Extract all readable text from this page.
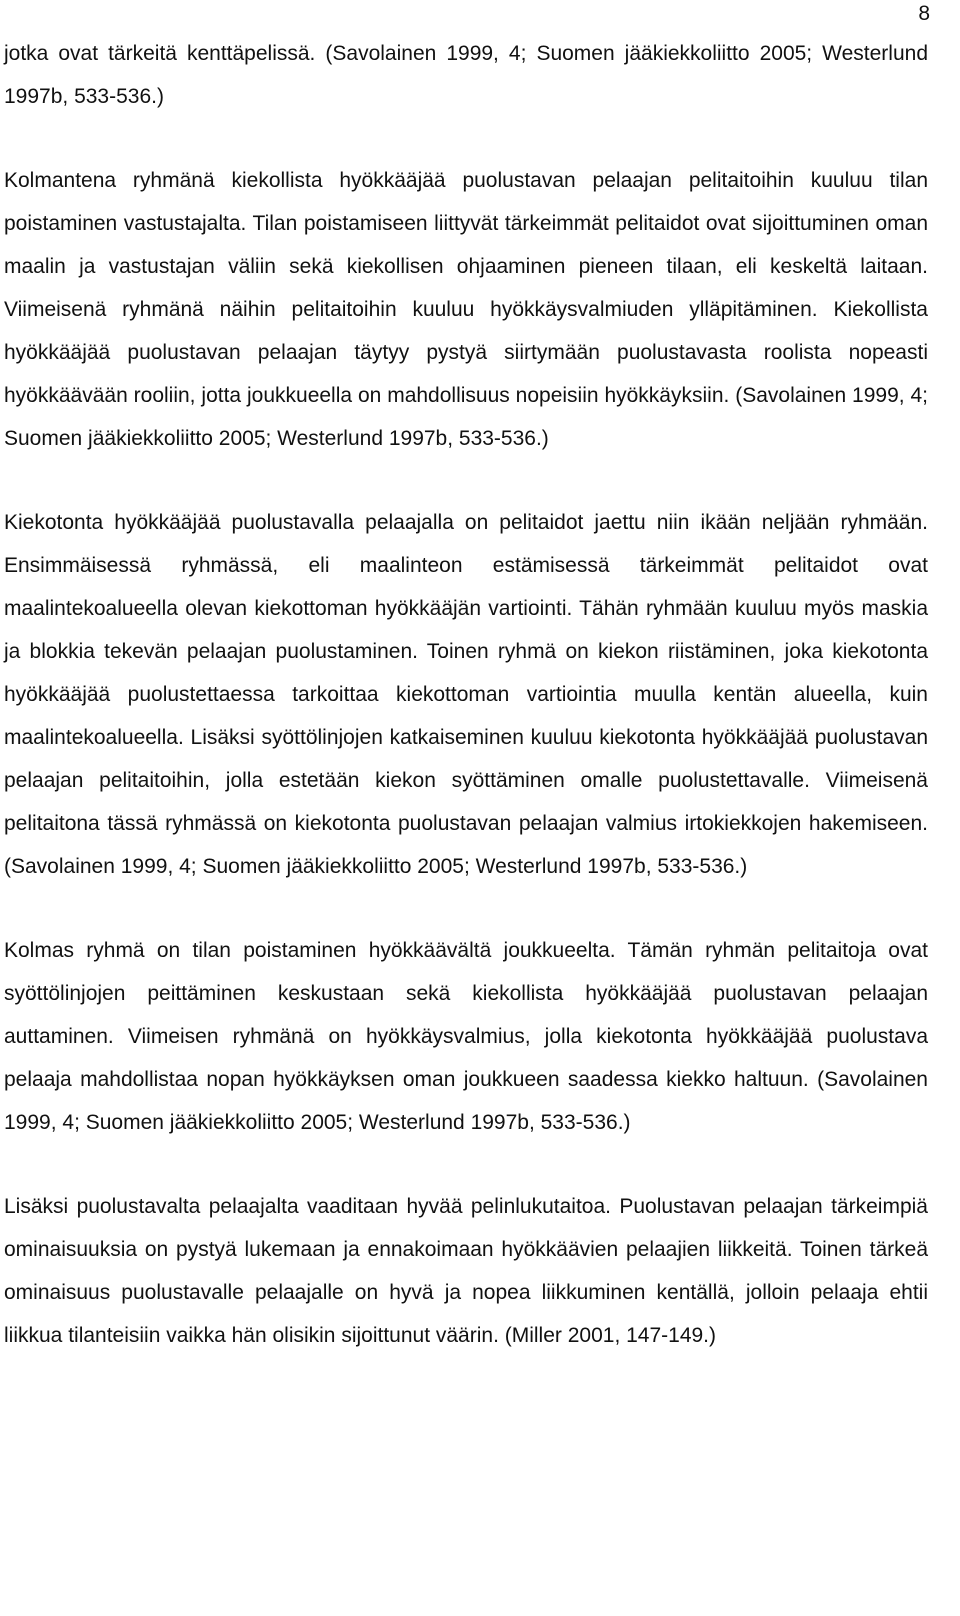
8

jotka ovat tärkeitä kenttäpelissä. (Savolainen 1999, 4; Suomen jääkiekkoliitto 2005; Westerlund 1997b, 533-536.)

Kolmantena ryhmänä kiekollista hyökkääjää puolustavan pelaajan pelitaitoihin kuuluu tilan poistaminen vastustajalta. Tilan poistamiseen liittyvät tärkeimmät pelitaidot ovat sijoittuminen oman maalin ja vastustajan väliin sekä kiekollisen ohjaaminen pieneen tilaan, eli keskeltä laitaan. Viimeisenä ryhmänä näihin pelitaitoihin kuuluu hyökkäysvalmiuden ylläpitäminen. Kiekollista hyökkääjää puolustavan pelaajan täytyy pystyä siirtymään puolustavasta roolista nopeasti hyökkäävään rooliin, jotta joukkueella on mahdollisuus nopeisiin hyökkäyksiin. (Savolainen 1999, 4; Suomen jääkiekkoliitto 2005; Westerlund 1997b, 533-536.)

Kiekotonta hyökkääjää puolustavalla pelaajalla on pelitaidot jaettu niin ikään neljään ryhmään. Ensimmäisessä ryhmässä, eli maalinteon estämisessä tärkeimmät pelitaidot ovat maalintekoalueella olevan kiekottoman hyökkääjän vartiointi. Tähän ryhmään kuuluu myös maskia ja blokkia tekevän pelaajan puolustaminen. Toinen ryhmä on kiekon riistäminen, joka kiekotonta hyökkääjää puolustettaessa tarkoittaa kiekottoman vartiointia muulla kentän alueella, kuin maalintekoalueella. Lisäksi syöttölinjojen katkaiseminen kuuluu kiekotonta hyökkääjää puolustavan pelaajan pelitaitoihin, jolla estetään kiekon syöttäminen omalle puolustettavalle. Viimeisenä pelitaitona tässä ryhmässä on kiekotonta puolustavan pelaajan valmius irtokiekkojen hakemiseen. (Savolainen 1999, 4; Suomen jääkiekkoliitto 2005; Westerlund 1997b, 533-536.)

Kolmas ryhmä on tilan poistaminen hyökkäävältä joukkueelta. Tämän ryhmän pelitaitoja ovat syöttölinjojen peittäminen keskustaan sekä kiekollista hyökkääjää puolustavan pelaajan auttaminen. Viimeisen ryhmänä on hyökkäysvalmius, jolla kiekotonta hyökkääjää puolustava pelaaja mahdollistaa nopan hyökkäyksen oman joukkueen saadessa kiekko haltuun. (Savolainen 1999, 4; Suomen jääkiekkoliitto 2005; Westerlund 1997b, 533-536.)

Lisäksi puolustavalta pelaajalta vaaditaan hyvää pelinlukutaitoa. Puolustavan pelaajan tärkeimpiä ominaisuuksia on pystyä lukemaan ja ennakoimaan hyökkäävien pelaajien liikkeitä. Toinen tärkeä ominaisuus puolustavalle pelaajalle on hyvä ja nopea liikkuminen kentällä, jolloin pelaaja ehtii liikkua tilanteisiin vaikka hän olisikin sijoittunut väärin. (Miller 2001, 147-149.)
